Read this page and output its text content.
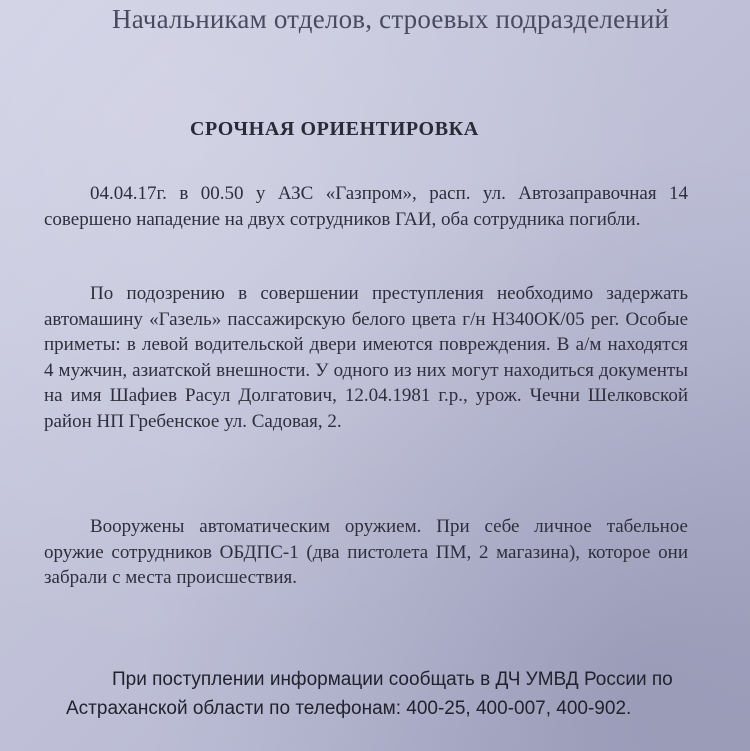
Начальникам отделов, строевых подразделений
СРОЧНАЯ ОРИЕНТИРОВКА
04.04.17г. в 00.50 у АЗС «Газпром», расп. ул. Автозаправочная 14 совершено нападение на двух сотрудников ГАИ, оба сотрудника погибли.
По подозрению в совершении преступления необходимо задержать автомашину «Газель» пассажирскую белого цвета г/н Н340ОК/05 рег. Особые приметы: в левой водительской двери имеются повреждения. В а/м находятся 4 мужчин, азиатской внешности. У одного из них могут находиться документы на имя Шафиев Расул Долгатович, 12.04.1981 г.р., урож. Чечни Шелковской район НП Гребенское ул. Садовая, 2.
Вооружены автоматическим оружием. При себе личное табельное оружие сотрудников ОБДПС-1 (два пистолета ПМ, 2 магазина), которое они забрали с места происшествия.
При поступлении информации сообщать в ДЧ УМВД России по Астраханской области по телефонам: 400-25, 400-007, 400-902.
